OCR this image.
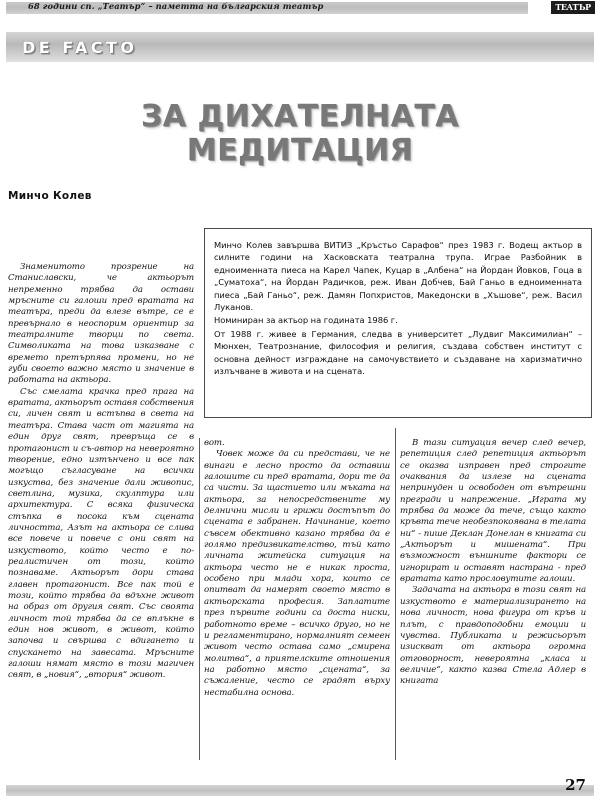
68 години сп. „Театър“ – паметта на българския театър	ТЕАТЪР
DE FACTO
ЗА ДИХАТЕЛНАТА
МЕДИТАЦИЯ
Минчо Колев

Минчо Колев завършва ВИТИЗ „Кръстьо Сарафов“ през 1983 г. Водещ актьор в силните години на Хасковската театрална трупа. Играе Разбойник в едноименната пиеса на Карел Чапек, Куцар в „Албена“ на Йордан Йовков, Гоца в „Суматоха“, на Йордан Радичков, реж. Иван Добчев, Бай Ганьо в едноименната пиеса „Бай Ганьо“, реж. Дамян Попхристов, Македонски в „Хъшове“, реж. Васил Луканов.

Номиниран за актьор на годината 1986 г.

От 1988 г. живее в Германия, следва в университет „Лудвиг Максимилиан“ – Мюнхен, Театрознание, философия и религия, създава собствен институт с основна дейност изграждане на самочувствието и създаване на харизматично излъчване в живота и на сцената.

Знаменитото прозрение на Станиславски, че актьорът непременно трябва да остави мръсните си галоши пред вратата на театъра, преди да влезе вътре, се е превърнало в неоспорим ориентир за театралните творци по света. Символиката на това изказване с времето претърпява промени, но не губи своето важно място и значение в работата на актьора.

Със смелата крачка пред прага на вратата, актьорът оставя собствения си, личен свят и встъпва в света на театъра. Става част от магията на един друг свят, превръща се в протагонист и съ-автор на невероятно творение, едно изтънчено и все пак могъщо съгласуване на всички изкуства, без значение дали живопис, светлина, музика, скулптура или архитектура. С всяка физическа стъпка в посока към сцената личността, Азът на актьора се слива все повече и повече с они свят на изкуството, който често е по-реалистичен от този, който познаваме. Актьорът дори става главен протагонист. Все пак той е този, който трябва да вдъхне живот на образ от другия свят. Със своята личност той трябва да се вплъкне в един нов живот, в живот, който започва и свършва с вдигането и спускането на завесата. Мръсните галоши нямат място в този магичен свят, в „новия“, „втория“ живот.

вот.

Човек може да си представи, че не винаги е лесно просто да оставиш галошите си пред вратата, дори те да са чисти. За щастието или мъката на актьора, за непосредствените му делнични мисли и грижи достъпът до сцената е забранен. Начинание, което съвсем обективно казано трябва да е голямо предизвикателство, тъй като личната житейска ситуация на актьора често не е никак проста, особено при млади хора, които се опитват да намерят своето място в актьорската професия. Заплатите през първите години са доста ниски, работното време – всичко друго, но не и регламентирано, нормалният семеен живот често остава само „смирена молитва“, а приятелските отношения на работно място „сцената“, за съжаление, често се градят върху нестабилна основа.

В тази ситуация вечер след вечер, репетиция след репетиция актьорът се оказва изправен пред строгите очаквания да излезе на сцената непринуден и освободен от вътрешни прегради и напрежение. „Играта му трябва да може да тече, също както кръвта тече необезпокоявана в телата ни“ - пише Деклан Донелан в книгата си „Актьорът и мишената“. При възможност външните фактори се игнорират и оставят настрана - пред вратата като прословутите галоши.

Задачата на актьора в този свят на изкуството е материализирането на нова личност, нова фигура от кръв и плът, с правдоподобни емоции и чувства. Публиката и режисьорът изискват от актьора огромна отговорност, невероятна „класа и величие“, както казва Стела Адлер в книгата

27
